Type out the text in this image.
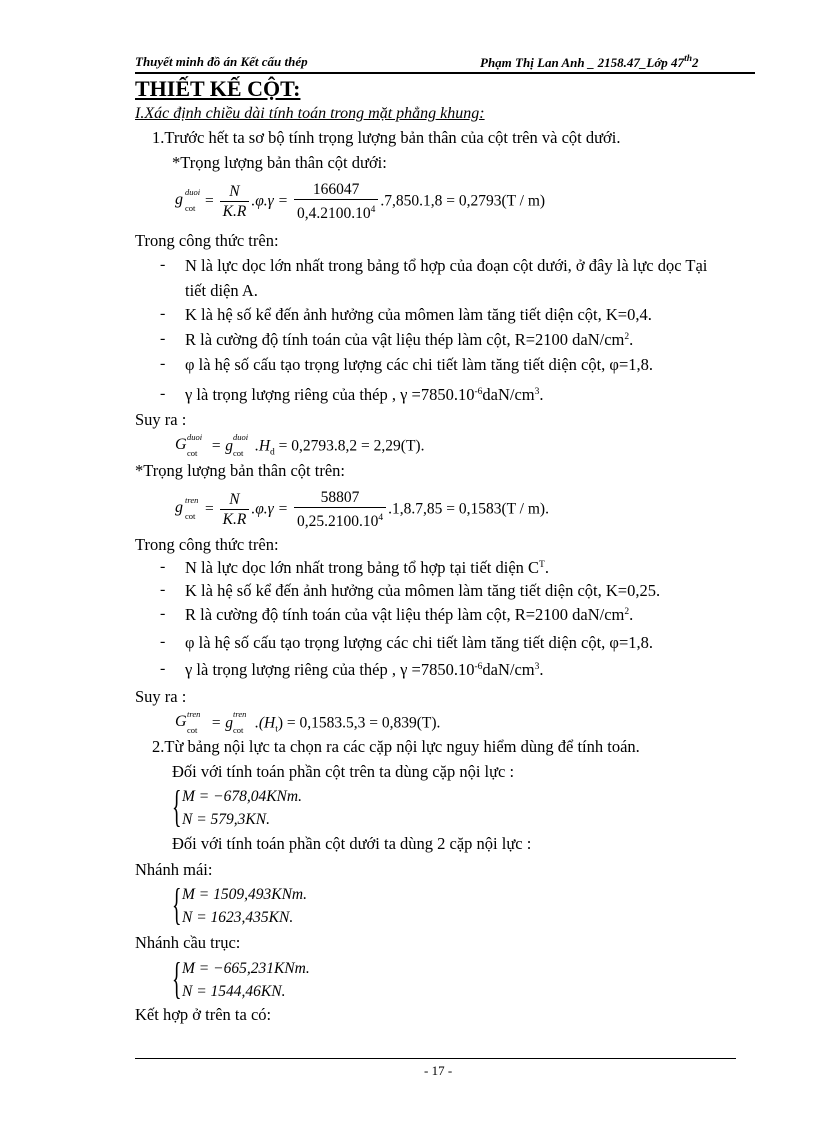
Thuyết minh đồ án Kết cấu thép	Phạm Thị Lan Anh _ 2158.47_Lớp 47th2
THIẾT KẾ CỘT:
I.Xác định chiều dài tính toán trong mặt phẳng khung:
1.Trước hết ta sơ bộ tính trọng lượng bản thân của cột trên và cột dưới.
*Trọng lượng bản thân cột dưới:
g duoi
$\cot = \frac{N}{K.R} .\varphi.\gamma = \frac{166047}{0,4.2100.10^4} .7,850.1,8 = 0,2793(T / m)$
Trong công thức trên:
- N là lực dọc lớn nhất trong bảng tổ hợp của đoạn cột dưới, ở đây là lực dọc Tại
tiết diện A.
- K là hệ số kể đến ảnh hưởng của mômen làm tăng tiết diện cột, K=0,4.
- R là cường độ tính toán của vật liệu thép làm cột, R=2100 daN/$cm^2$.
- φ là hệ số cấu tạo trọng lượng các chi tiết làm tăng tiết diện cột, φ=1,8.
- γ là trọng lượng riêng của thép , $\gamma =7850.10^{-6}daN/cm^3$.
Suy ra :
G duoi
cot = g
duoi
$\cot .H_d = 0,2793.8,2 = 2,29(T)$.
*Trọng lượng bản thân cột trên:
g tren
$\cot = \frac{N}{K.R} .\varphi.\gamma = \frac{58807}{0,25.2100.10^4} .1,8.7,85 = 0,1583(T / m)$.
Trong công thức trên:
- N là lực dọc lớn nhất trong bảng tổ hợp tại tiết diện $C^T$.
- K là hệ số kể đến ảnh hưởng của mômen làm tăng tiết diện cột, K=0,25.
- R là cường độ tính toán của vật liệu thép làm cột, R=2100 daN/$cm^2$.
- φ là hệ số cấu tạo trọng lượng các chi tiết làm tăng tiết diện cột, φ=1,8.
- γ là trọng lượng riêng của thép , $\gamma =7850.10^{-6}daN/cm^3$.
Suy ra :
G tren
cot = g
tren
$\cot .(H_t) = 0,1583.5,3 = 0,839(T)$.
2.Từ bảng nội lực ta chọn ra các cặp nội lực nguy hiểm dùng để tính toán.
Đối với tính toán phần cột trên ta dùng cặp nội lực :
{ M = −678,04KNm.
N = 579,3KN.
Đối với tính toán phần cột dưới ta dùng 2 cặp nội lực :
Nhánh mái:
{ M = 1509,493KNm.
N = 1623,435KN.
Nhánh cầu trục:
{ M = −665,231KNm.
N = 1544,46KN.
Kết hợp ở trên ta có:
- 17 -
